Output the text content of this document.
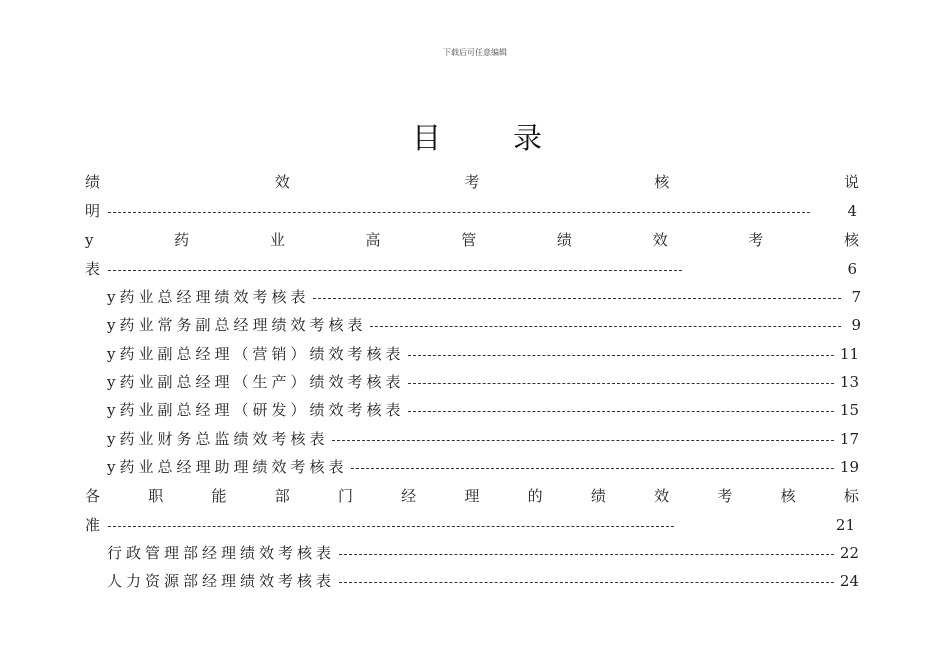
下载后可任意编辑
目 录
绩	效	考	核	说
明	4
y	药	业	高	管	绩	效	考	核
表	6
y药业总经理绩效考核表	7
y药业常务副总经理绩效考核表	9
y药业副总经理（营销）绩效考核表	11
y药业副总经理（生产）绩效考核表	13
y药业副总经理（研发）绩效考核表	15
y药业财务总监绩效考核表	17
y药业总经理助理绩效考核表	19
各	职	能	部	门	经	理	的	绩	效	考	核	标
准	21
行政管理部经理绩效考核表	22
人力资源部经理绩效考核表	24
